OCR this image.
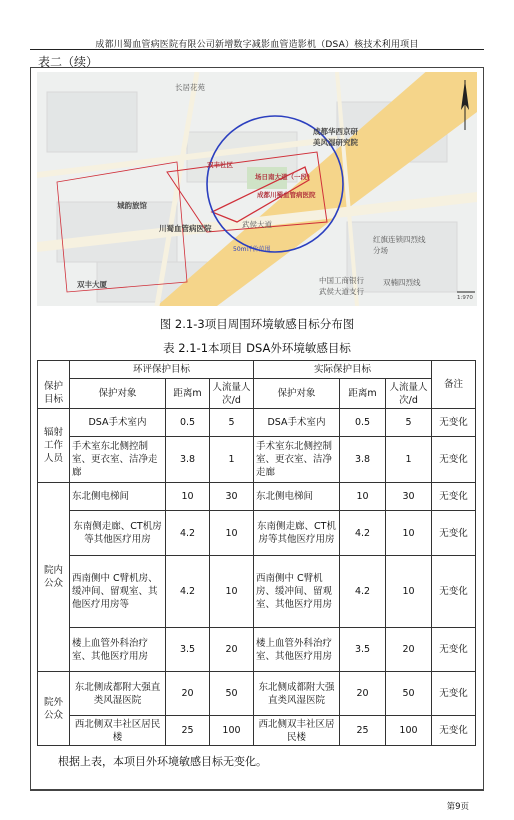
成都川蜀血管病医院有限公司新增数字减影血管造影机（DSA）核技术利用项目
表二（续）
长居花苑
成都华西京研
美风湿研究院
双丰社区
场日南大道（一段）
成都川蜀血管病医院
城韵旅馆
川蜀血管病医院	武侯大道
50m评价范围
红旗连锁四烈线
分场
双丰大厦	中国工商银行
武侯大道支行
双楠四烈线
1:970
图 2.1-3项目周围环境敏感目标分布图
表 2.1-1本项目 DSA外环境敏感目标
	环评保护目标			实际保护目标			备注
保护目标	保护对象	距离m	人流量人次/d	保护对象	距离m	人流量人次/d	
辐射工作人员	DSA手术室内	0.5	5	DSA手术室内	0.5	5	无变化
	手术室东北侧控制室、更衣室、洁净走廊	3.8	1	手术室东北侧控制室、更衣室、洁净走廊	3.8	1	无变化
院内公众	东北侧电梯间	10	30	东北侧电梯间	10	30	无变化
	东南侧走廊、CT机房等其他医疗用房	4.2	10	东南侧走廊、CT机房等其他医疗用房	4.2	10	无变化
	西南侧中 C臂机房、缓冲间、留观室、其他医疗用房等	4.2	10	西南侧中 C臂机房、缓冲间、留观室、其他医疗用房	4.2	10	无变化
	楼上血管外科治疗室、其他医疗用房	3.5	20	楼上血管外科治疗室、其他医疗用房	3.5	20	无变化
院外公众	东北侧成都附大强直类风湿医院	20	50	东北侧成都附大强直类风湿医院	20	50	无变化
	西北侧双丰社区居民楼	25	100	西北侧双丰社区居民楼	25	100	无变化
根据上表，本项目外环境敏感目标无变化。
第9页
